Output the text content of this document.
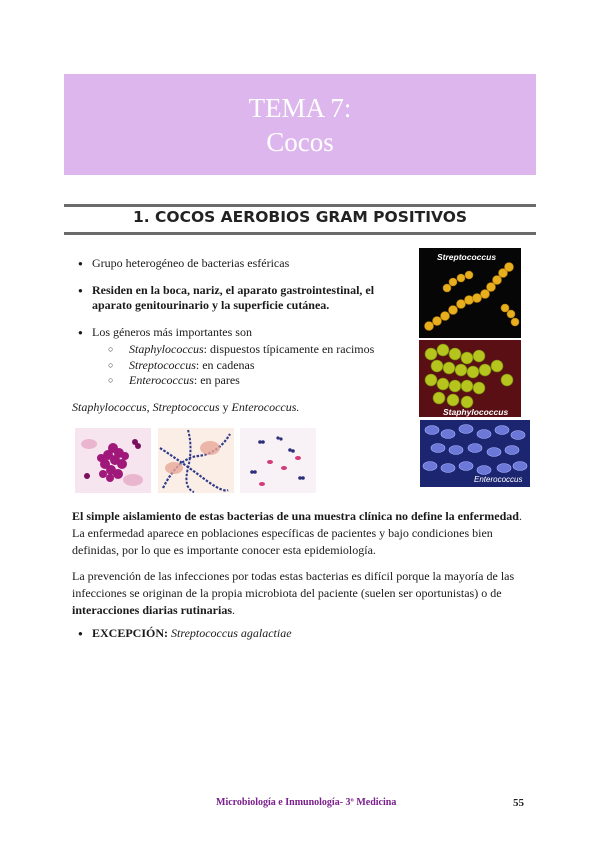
TEMA 7:
Cocos
1. COCOS AEROBIOS GRAM POSITIVOS
● Grupo heterogéneo de bacterias esféricas
● Residen en la boca, nariz, el aparato gastrointestinal, el aparato genitourinario y la superficie cutánea.
● Los géneros más importantes son
○ Staphylococcus: dispuestos típicamente en racimos
○ Streptococcus: en cadenas
○ Enterococcus: en pares
Staphylococcus, Streptococcus y Enterococcus.
Streptococcus
Staphylococcus
Enterococcus

El simple aislamiento de estas bacterias de una muestra clínica no define la enfermedad.
La enfermedad aparece en poblaciones específicas de pacientes y bajo condiciones bien definidas, por lo que es importante conocer esta epidemiología.

La prevención de las infecciones por todas estas bacterias es difícil porque la mayoría de las infecciones se originan de la propia microbiota del paciente (suelen ser oportunistas) o de interacciones diarias rutinarias.

● EXCEPCIÓN: Streptococcus agalactiae
Microbiología e Inmunología- 3º Medicina	55
